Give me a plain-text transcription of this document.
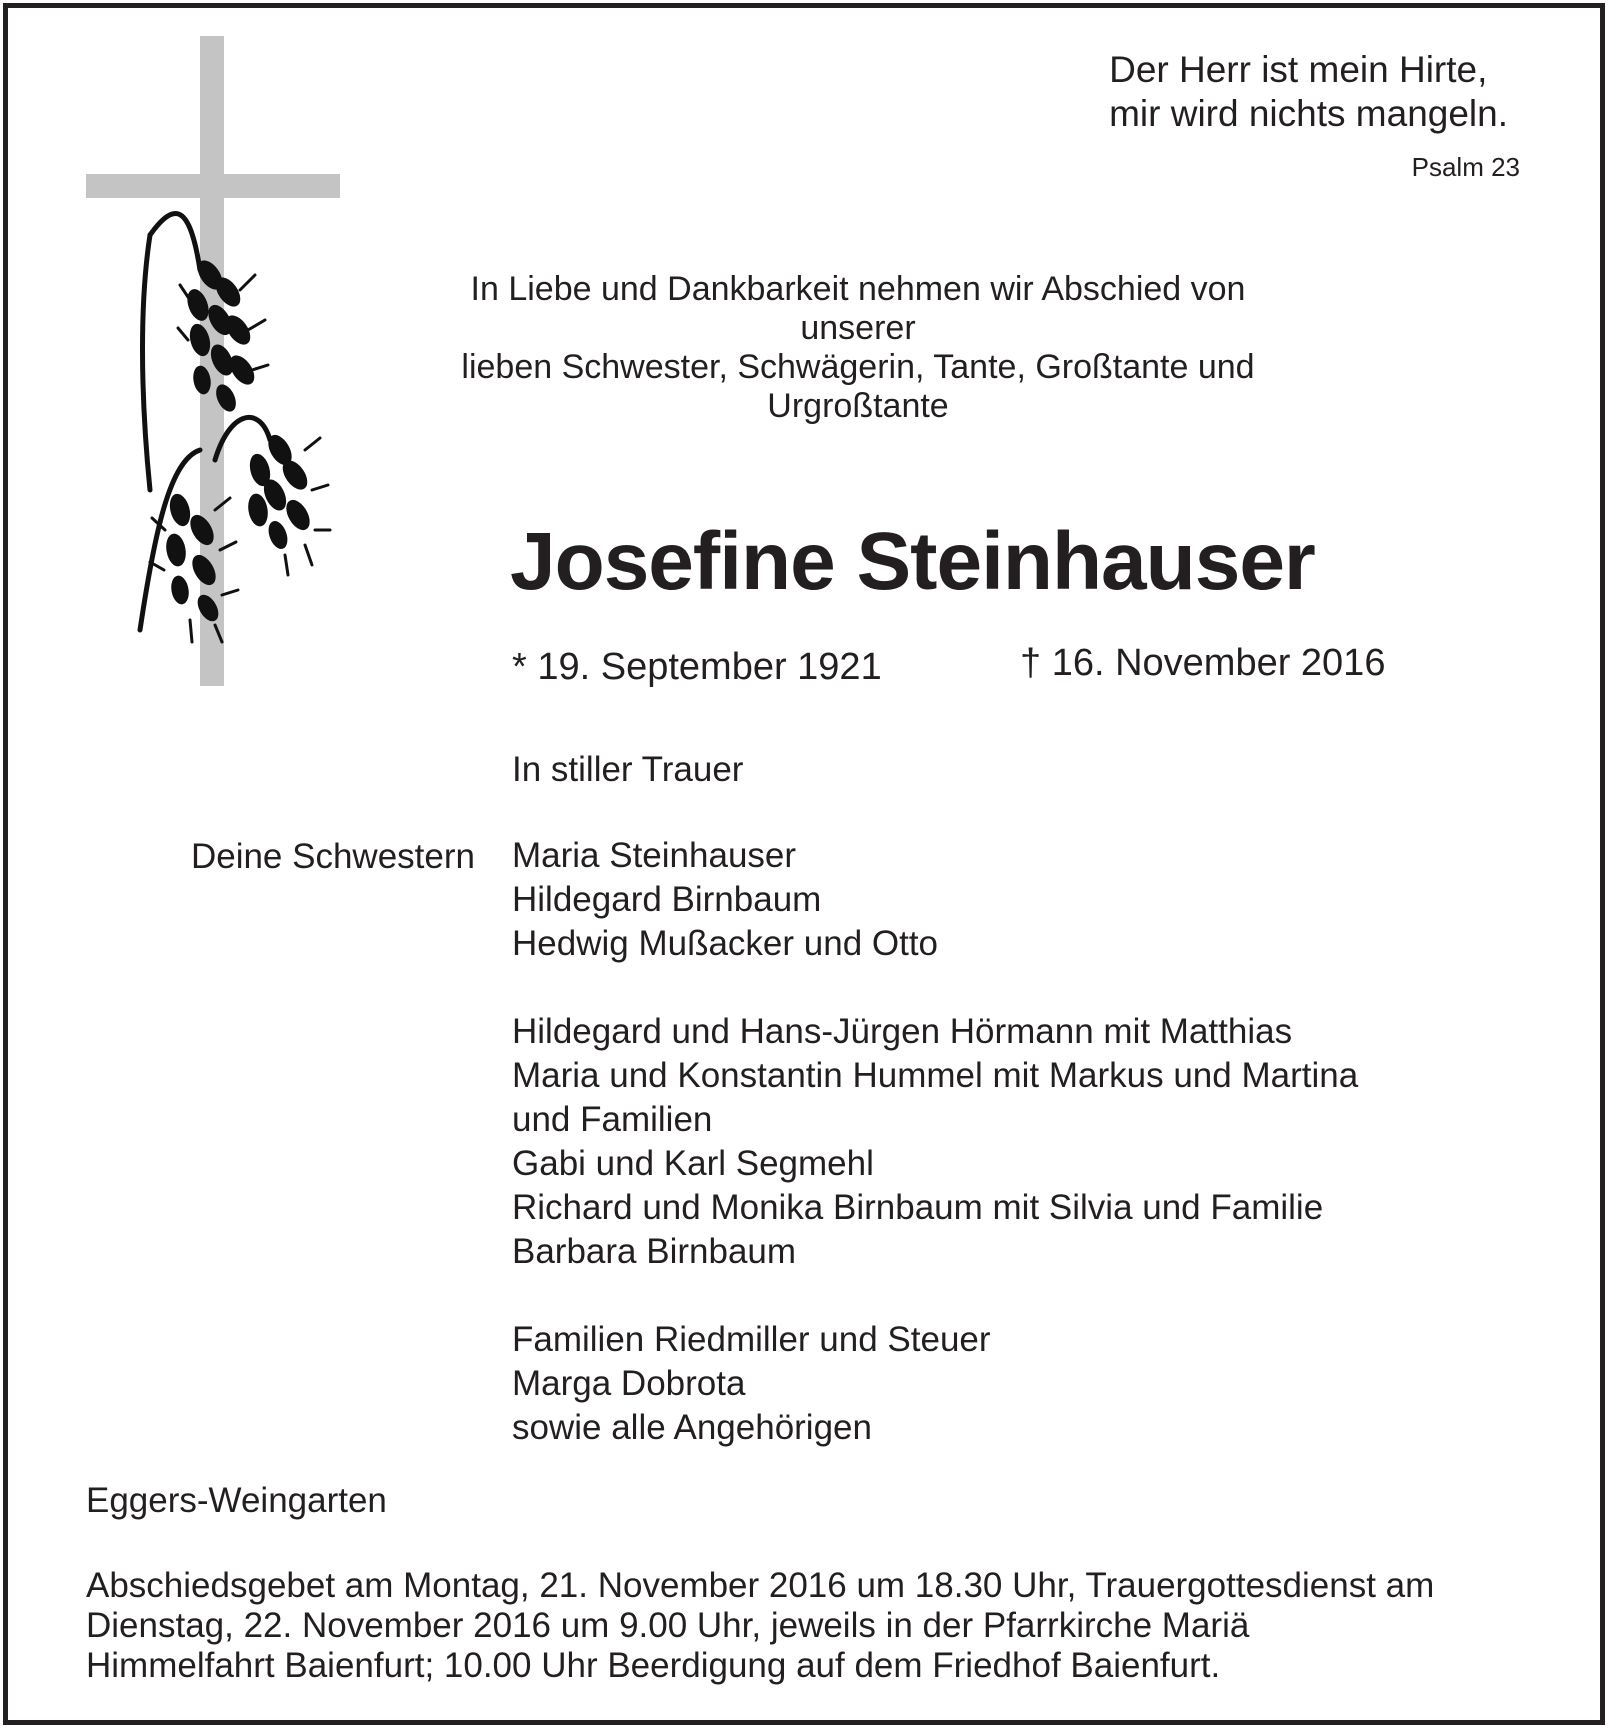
Der Herr ist mein Hirte,
mir wird nichts mangeln.
Psalm 23
In Liebe und Dankbarkeit nehmen wir Abschied von unserer
lieben Schwester, Schwägerin, Tante, Großtante und
Urgroßtante
Josefine Steinhauser
* 19. September 1921	† 16. November 2016
In stiller Trauer
Deine Schwestern Maria Steinhauser
Hildegard Birnbaum
Hedwig Mußacker und Otto
Hildegard und Hans-Jürgen Hörmann mit Matthias
Maria und Konstantin Hummel mit Markus und Martina
und Familien
Gabi und Karl Segmehl
Richard und Monika Birnbaum mit Silvia und Familie
Barbara Birnbaum
Familien Riedmiller und Steuer
Marga Dobrota
sowie alle Angehörigen
Eggers-Weingarten
Abschiedsgebet am Montag, 21. November 2016 um 18.30 Uhr, Trauergottesdienst am
Dienstag, 22. November 2016 um 9.00 Uhr, jeweils in der Pfarrkirche Mariä
Himmelfahrt Baienfurt; 10.00 Uhr Beerdigung auf dem Friedhof Baienfurt.
